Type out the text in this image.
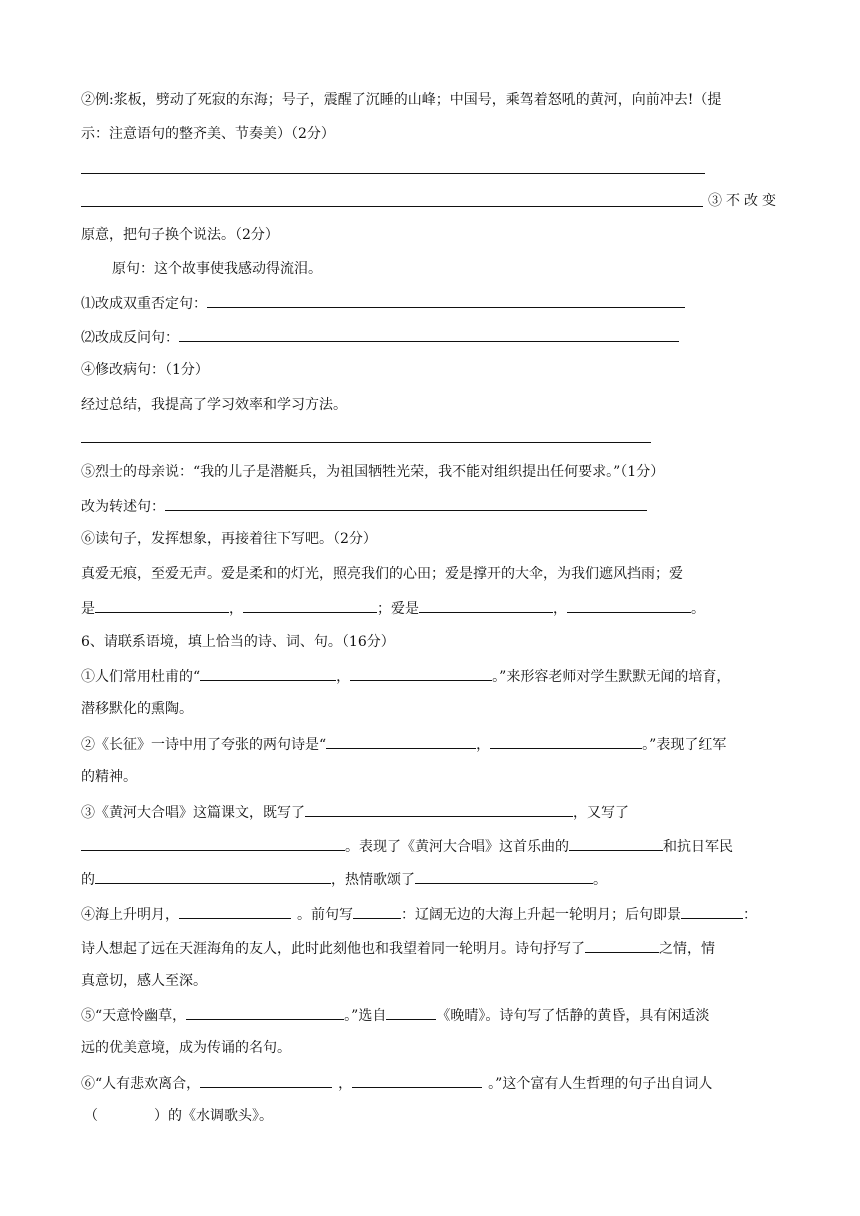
②例:浆板，劈动了死寂的东海；号子，震醒了沉睡的山峰；中国号，乘驾着怒吼的黄河，向前冲去!（提
示：注意语句的整齐美、节奏美）（2分）
③不改变
原意，把句子换个说法。（2分）
原句：这个故事使我感动得流泪。
⑴改成双重否定句：
⑵改成反问句：
④修改病句：（1分）
经过总结，我提高了学习效率和学习方法。
⑤烈士的母亲说：“我的儿子是潜艇兵，为祖国牺牲光荣，我不能对组织提出任何要求。”（1分）
改为转述句：
⑥读句子，发挥想象，再接着往下写吧。（2分）
真爱无痕，至爱无声。爱是柔和的灯光，照亮我们的心田；爱是撑开的大伞，为我们遮风挡雨；爱
是	，	；爱是	，	。
6、请联系语境，填上恰当的诗、词、句。（16分）
①人们常用杜甫的“	，	。”来形容老师对学生默默无闻的培育，
潜移默化的熏陶。
②《长征》一诗中用了夸张的两句诗是“	，	。”表现了红军
的精神。
③《黄河大合唱》这篇课文，既写了	，又写了
。表现了《黄河大合唱》这首乐曲的	和抗日军民
的	，热情歌颂了	。
④海上升明月，	。前句写	：辽阔无边的大海上升起一轮明月；后句即景	：
诗人想起了远在天涯海角的友人，此时此刻他也和我望着同一轮明月。诗句抒写了	之情，情
真意切，感人至深。
⑤“天意怜幽草，	。”选自	《晚晴》。诗句写了恬静的黄昏，具有闲适淡
远的优美意境，成为传诵的名句。
⑥“人有悲欢离合，	，	。”这个富有人生哲理的句子出自词人
（　　　　）的《水调歌头》。
